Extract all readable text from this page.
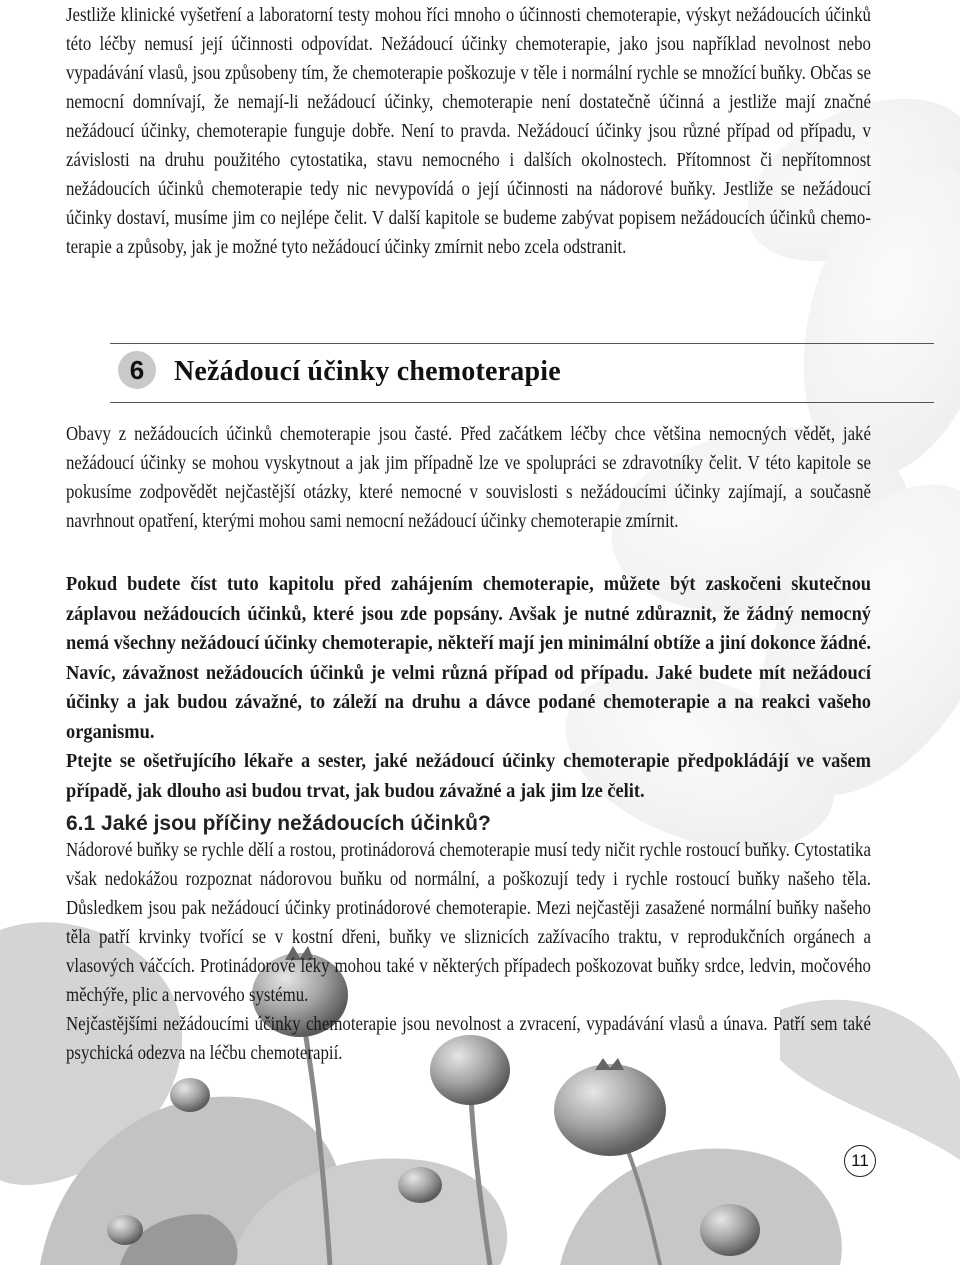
Jestliže klinické vyšetření a laboratorní testy mohou říci mnoho o účinnosti chemoterapie, výskyt nežádoucích účinků této léčby nemusí její účinnosti odpovídat. Nežádoucí účinky chemoterapie, jako jsou například nevolnost nebo vypadávání vlasů, jsou způsobeny tím, že chemoterapie poškozuje v těle i normální rychle se množící buňky. Občas se nemocní domnívají, že nemají-li nežádoucí účinky, chemoterapie není dostatečně účinná a jestliže mají značné nežádoucí účinky, chemoterapie funguje dobře. Není to pravda. Nežádoucí účinky jsou různé případ od případu, v závislosti na druhu použitého cytostatika, stavu nemocného i dalších okolnostech. Přítomnost či nepřítomnost nežádoucích účinků chemoterapie tedy nic nevypovídá o její účinnosti na nádorové buňky. Jestliže se nežádoucí účinky dostaví, musíme jim co nejlépe čelit. V další kapitole se budeme zabývat popisem nežádoucích účinků chemoterapie a způsoby, jak je možné tyto nežádoucí účinky zmírnit nebo zcela odstranit.

6	Nežádoucí účinky chemoterapie

Obavy z nežádoucích účinků chemoterapie jsou časté. Před začátkem léčby chce většina nemocných vědět, jaké nežádoucí účinky se mohou vyskytnout a jak jim případně lze ve spolupráci se zdravotníky čelit. V této kapitole se pokusíme zodpovědět nejčastější otázky, které nemocné v souvislosti s nežádoucími účinky zajímají, a současně navrhnout opatření, kterými mohou sami nemocní nežádoucí účinky chemoterapie zmírnit.

Pokud budete číst tuto kapitolu před zahájením chemoterapie, můžete být zaskočeni skutečnou záplavou nežádoucích účinků, které jsou zde popsány. Avšak je nutné zdůraznit, že žádný nemocný nemá všechny nežádoucí účinky chemoterapie, někteří mají jen minimální obtíže a jiní dokonce žádné. Navíc, závažnost nežádoucích účinků je velmi různá případ od případu. Jaké budete mít nežádoucí účinky a jak budou závažné, to záleží na druhu a dávce podané chemoterapie a na reakci vašeho organismu.

Ptejte se ošetřujícího lékaře a sester, jaké nežádoucí účinky chemoterapie předpokládájí ve vašem případě, jak dlouho asi budou trvat, jak budou závažné a jak jim lze čelit.

6.1 Jaké jsou příčiny nežádoucích účinků?

Nádorové buňky se rychle dělí a rostou, protinádorová chemoterapie musí tedy ničit rychle rostoucí buňky. Cytostatika však nedokážou rozpoznat nádorovou buňku od normální, a poškozují tedy i rychle rostoucí buňky našeho těla. Důsledkem jsou pak nežádoucí účinky protinádorové chemoterapie. Mezi nejčastěji zasažené normální buňky našeho těla patří krvinky tvořící se v kostní dřeni, buňky ve sliznicích zažívacího traktu, v reprodukčních orgánech a vlasových váčcích. Protinádorové léky mohou také v některých případech poškozovat buňky srdce, ledvin, močového měchýře, plic a nervového systému.

Nejčastějšími nežádoucími účinky chemoterapie jsou nevolnost a zvracení, vypadávání vlasů a únava. Patří sem také psychická odezva na léčbu chemoterapií.

11
